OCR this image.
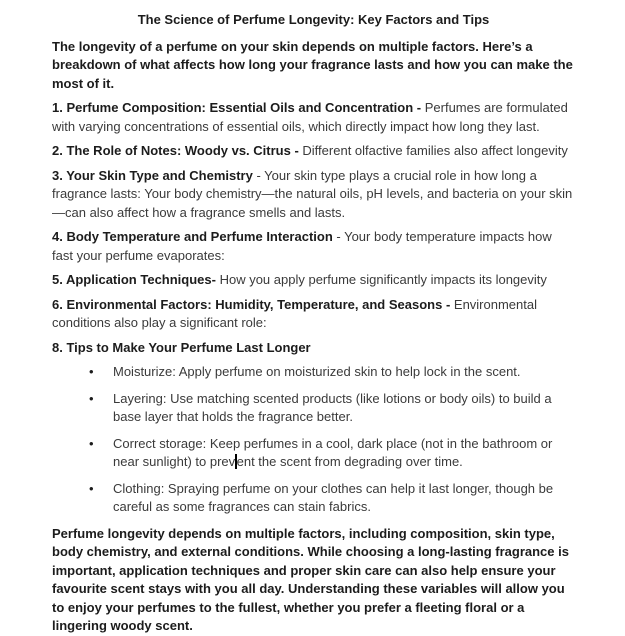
The Science of Perfume Longevity: Key Factors and Tips

The longevity of a perfume on your skin depends on multiple factors. Here’s a breakdown of what affects how long your fragrance lasts and how you can make the most of it.

1. Perfume Composition: Essential Oils and Concentration - Perfumes are formulated with varying concentrations of essential oils, which directly impact how long they last.

2. The Role of Notes: Woody vs. Citrus - Different olfactive families also affect longevity

3. Your Skin Type and Chemistry - Your skin type plays a crucial role in how long a fragrance lasts: Your body chemistry—the natural oils, pH levels, and bacteria on your skin—can also affect how a fragrance smells and lasts.

4. Body Temperature and Perfume Interaction - Your body temperature impacts how fast your perfume evaporates:

5. Application Techniques- How you apply perfume significantly impacts its longevity

6. Environmental Factors: Humidity, Temperature, and Seasons - Environmental conditions also play a significant role:

8. Tips to Make Your Perfume Last Longer

• Moisturize: Apply perfume on moisturized skin to help lock in the scent.
• Layering: Use matching scented products (like lotions or body oils) to build a base layer that holds the fragrance better.
• Correct storage: Keep perfumes in a cool, dark place (not in the bathroom or near sunlight) to prev ent the scent from degrading over time.
• Clothing: Spraying perfume on your clothes can help it last longer, though be careful as some fragrances can stain fabrics.

Perfume longevity depends on multiple factors, including composition, skin type, body chemistry, and external conditions. While choosing a long-lasting fragrance is important, application techniques and proper skin care can also help ensure your favourite scent stays with you all day. Understanding these variables will allow you to enjoy your perfumes to the fullest, whether you prefer a fleeting floral or a lingering woody scent.
